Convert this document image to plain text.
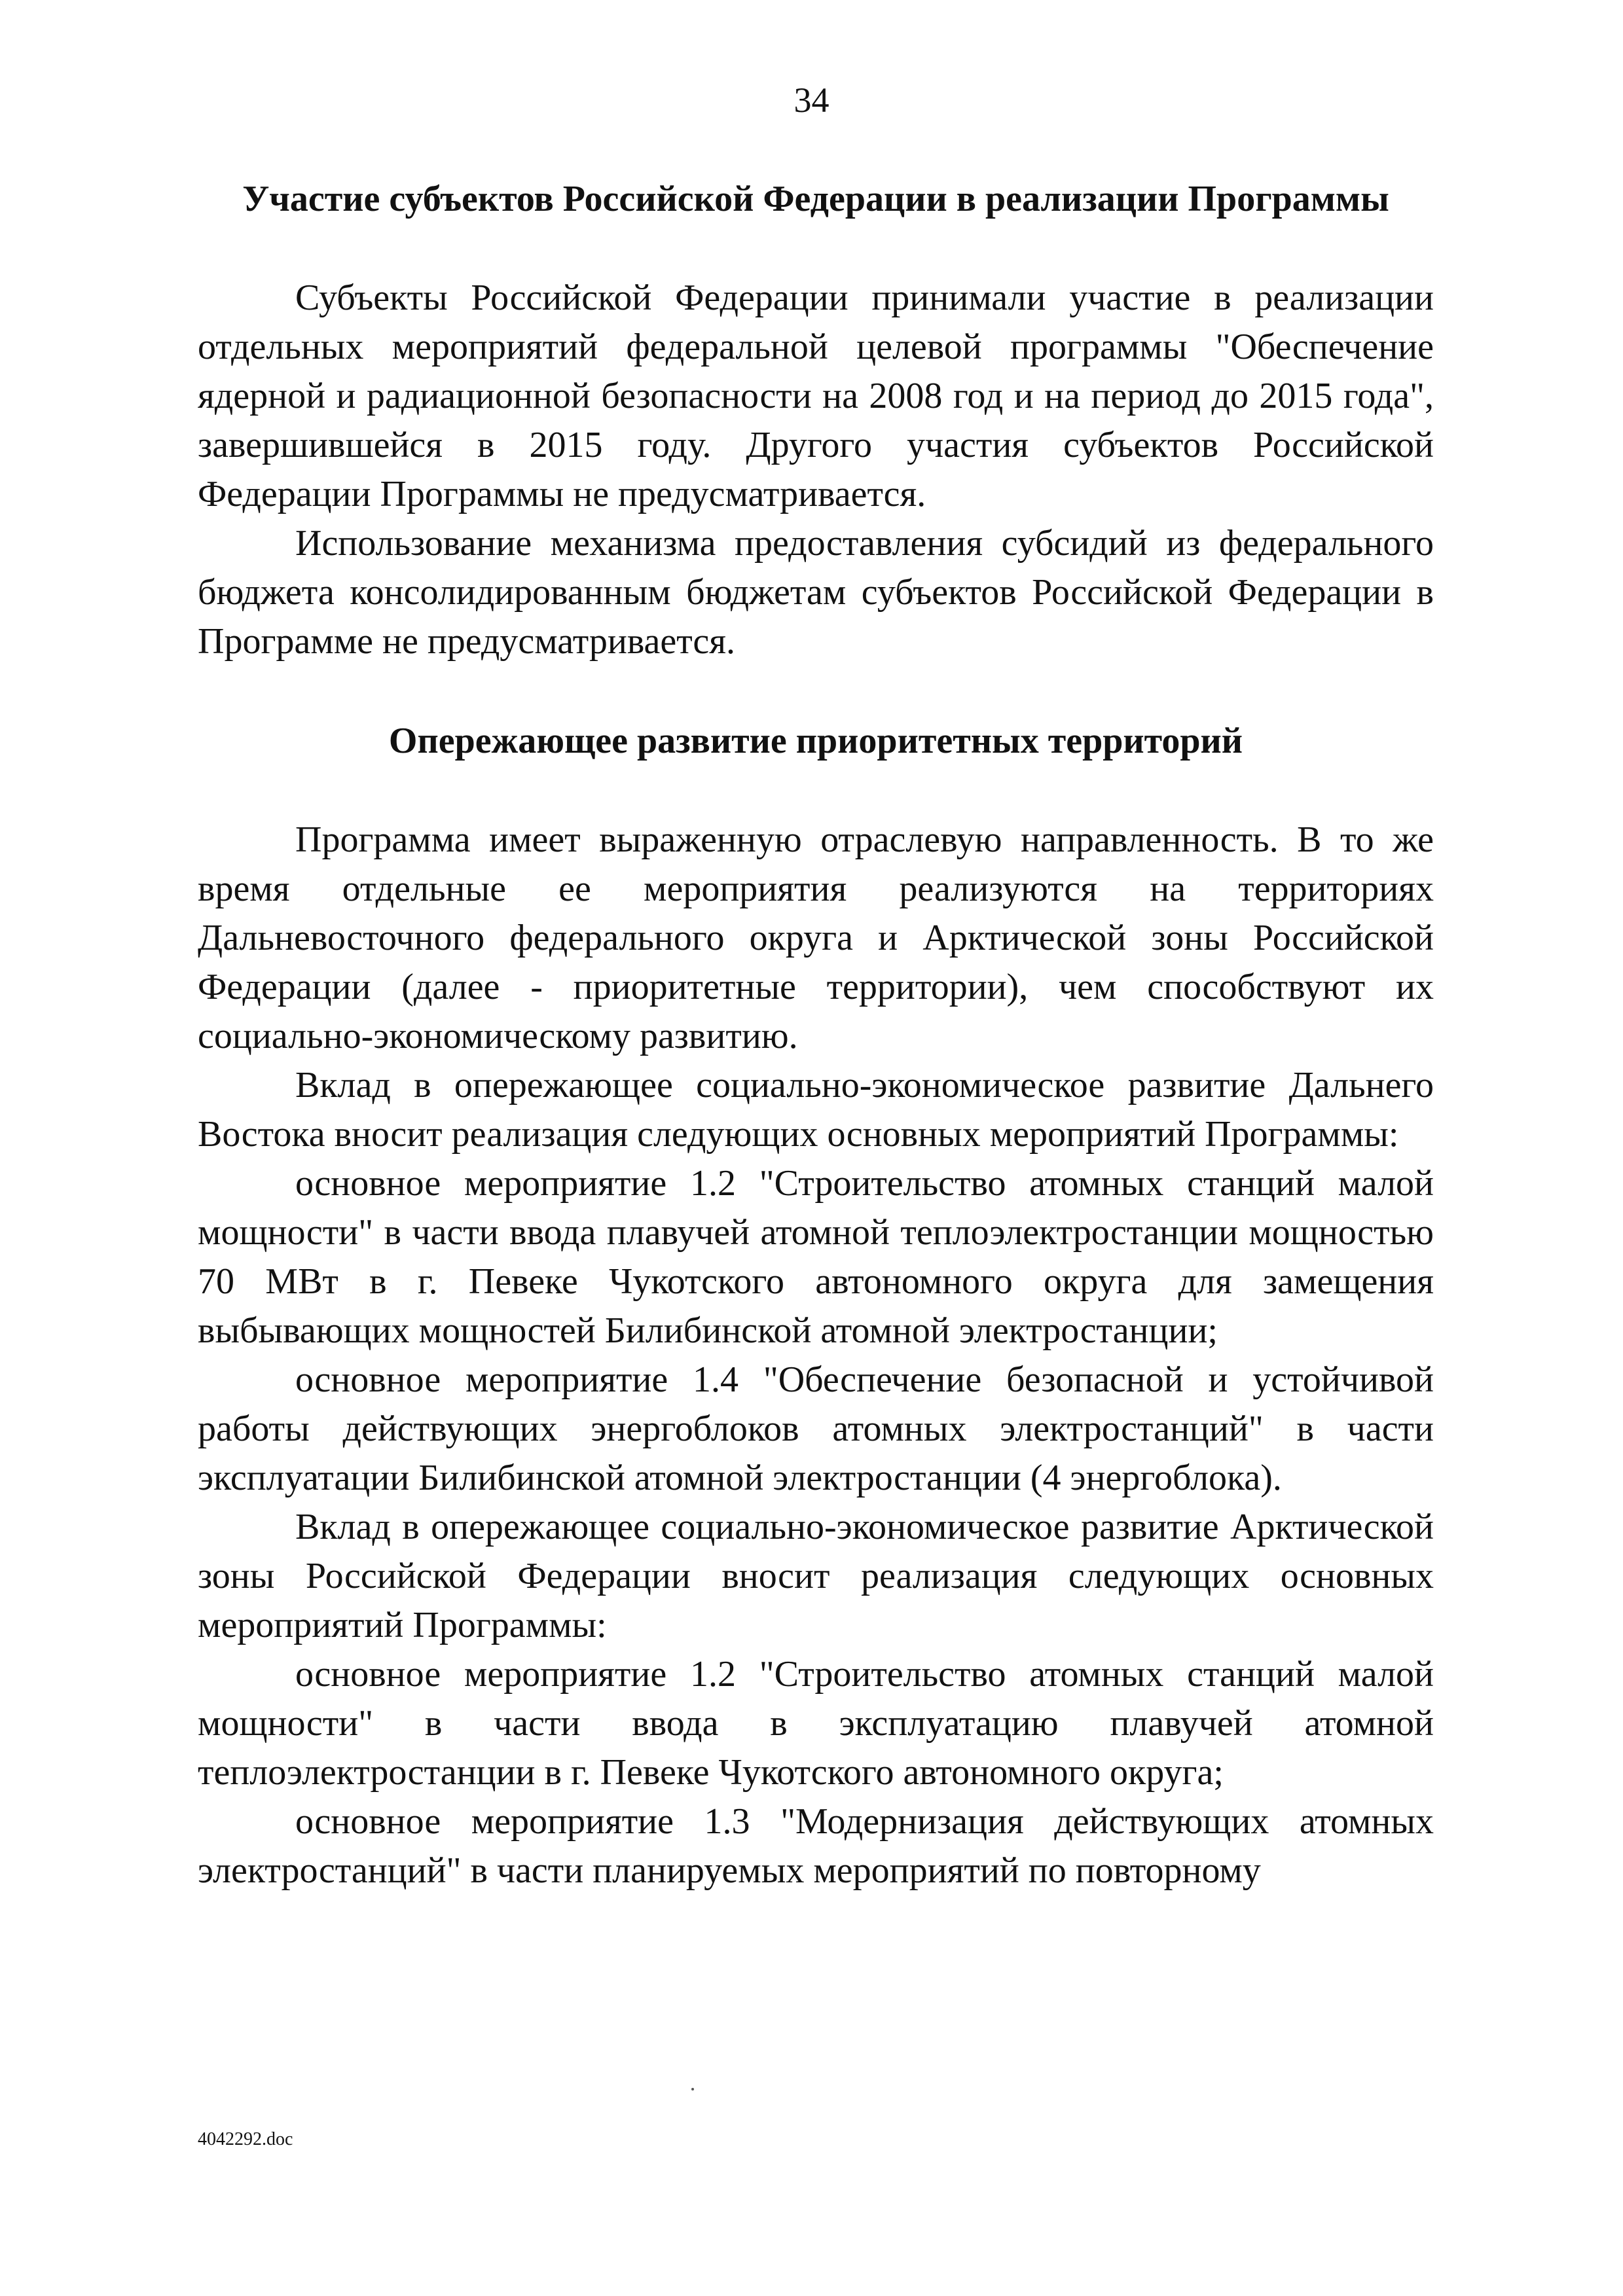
34
Участие субъектов Российской Федерации в реализации Программы

Субъекты Российской Федерации принимали участие в реализации отдельных мероприятий федеральной целевой программы "Обеспечение ядерной и радиационной безопасности на 2008 год и на период до 2015 года", завершившейся в 2015 году. Другого участия субъектов Российской Федерации Программы не предусматривается.

Использование механизма предоставления субсидий из федерального бюджета консолидированным бюджетам субъектов Российской Федерации в Программе не предусматривается.

Опережающее развитие приоритетных территорий

Программа имеет выраженную отраслевую направленность. В то же время отдельные ее мероприятия реализуются на территориях Дальневосточного федерального округа и Арктической зоны Российской Федерации (далее - приоритетные территории), чем способствуют их социально-экономическому развитию.

Вклад в опережающее социально-экономическое развитие Дальнего Востока вносит реализация следующих основных мероприятий Программы:

основное мероприятие 1.2 "Строительство атомных станций малой мощности" в части ввода плавучей атомной теплоэлектростанции мощностью 70 МВт в г. Певеке Чукотского автономного округа для замещения выбывающих мощностей Билибинской атомной электростанции;

основное мероприятие 1.4 "Обеспечение безопасной и устойчивой работы действующих энергоблоков атомных электростанций" в части эксплуатации Билибинской атомной электростанции (4 энергоблока).

Вклад в опережающее социально-экономическое развитие Арктической зоны Российской Федерации вносит реализация следующих основных мероприятий Программы:

основное мероприятие 1.2 "Строительство атомных станций малой мощности" в части ввода в эксплуатацию плавучей атомной теплоэлектростанции в г. Певеке Чукотского автономного округа;

основное мероприятие 1.3 "Модернизация действующих атомных электростанций" в части планируемых мероприятий по повторному

4042292.doc
